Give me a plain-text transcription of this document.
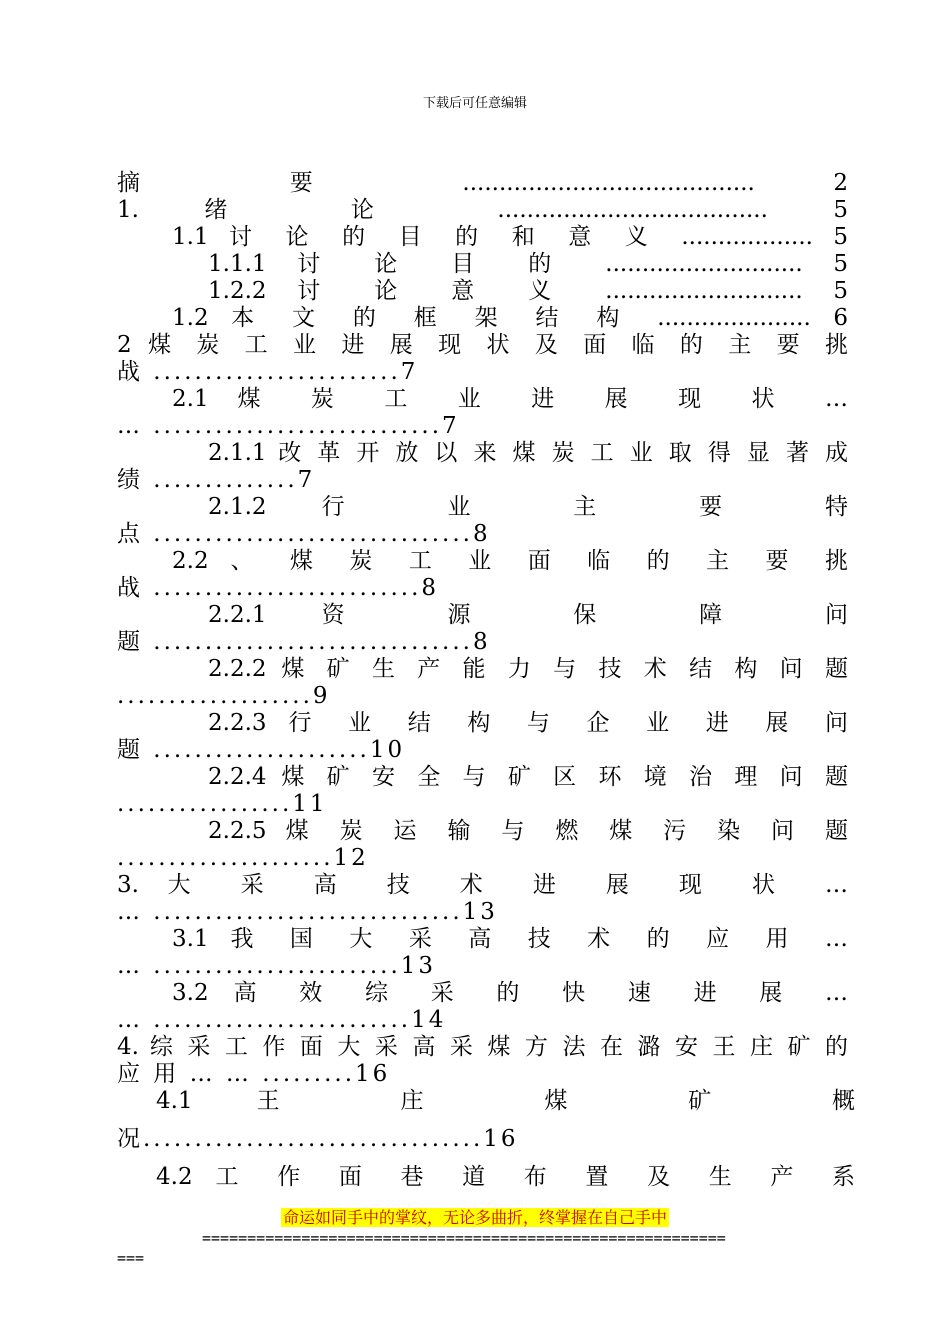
下载后可任意编辑
摘 要 ........................................ 2
1. 绪 论 ..................................... 5
1.1 讨 论 的 目 的 和 意 义 .................. 5
1.1.1 讨 论 目 的 ........................... 5
1.2.2 讨 论 意 义 ........................... 5
1.2 本 文 的 框 架 结 构 ..................... 6
2 煤 炭 工 业 进 展 现 状 及 面 临 的 主 要 挑
战 ........................7
2.1 煤 炭 工 业 进 展 现 状 …
… ............................7
2.1.1 改 革 开 放 以 来 煤 炭 工 业 取 得 显 著 成
绩 ..............7
2.1.2 行 业 主 要 特
点 ...............................8
2.2 、 煤 炭 工 业 面 临 的 主 要 挑
战 ..........................8
2.2.1 资 源 保 障 问
题 ...............................8
2.2.2 煤 矿 生 产 能 力 与 技 术 结 构 问 题
...................9
2.2.3 行 业 结 构 与 企 业 进 展 问
题 .....................10
2.2.4 煤 矿 安 全 与 矿 区 环 境 治 理 问 题
.................11
2.2.5 煤 炭 运 输 与 燃 煤 污 染 问 题
.....................12
3. 大 采 高 技 术 进 展 现 状 …
… ..............................13
3.1 我 国 大 采 高 技 术 的 应 用 …
… ........................13
3.2 高 效 综 采 的 快 速 进 展 …
… .........................14
4. 综 采 工 作 面 大 采 高 采 煤 方 法 在 潞 安 王 庄 矿 的
应 用 … … .........16
4.1 王 庄 煤 矿 概
况.................................16
4.2 工 作 面 巷 道 布 置 及 生 产 系
命运如同手中的掌纹，无论多曲折，终掌握在自己手中
==========================================================
===
